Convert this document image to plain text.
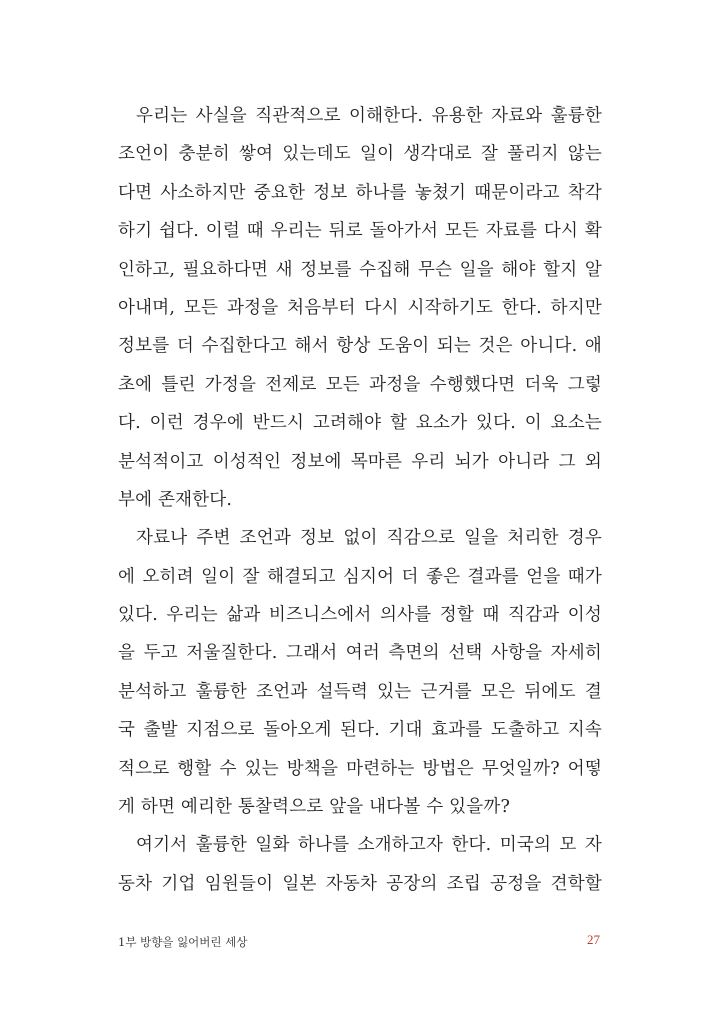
우리는 사실을 직관적으로 이해한다. 유용한 자료와 훌륭한
조언이 충분히 쌓여 있는데도 일이 생각대로 잘 풀리지 않는
다면 사소하지만 중요한 정보 하나를 놓쳤기 때문이라고 착각
하기 쉽다. 이럴 때 우리는 뒤로 돌아가서 모든 자료를 다시 확
인하고, 필요하다면 새 정보를 수집해 무슨 일을 해야 할지 알
아내며, 모든 과정을 처음부터 다시 시작하기도 한다. 하지만
정보를 더 수집한다고 해서 항상 도움이 되는 것은 아니다. 애
초에 틀린 가정을 전제로 모든 과정을 수행했다면 더욱 그렇
다. 이런 경우에 반드시 고려해야 할 요소가 있다. 이 요소는
분석적이고 이성적인 정보에 목마른 우리 뇌가 아니라 그 외
부에 존재한다.
자료나 주변 조언과 정보 없이 직감으로 일을 처리한 경우
에 오히려 일이 잘 해결되고 심지어 더 좋은 결과를 얻을 때가
있다. 우리는 삶과 비즈니스에서 의사를 정할 때 직감과 이성
을 두고 저울질한다. 그래서 여러 측면의 선택 사항을 자세히
분석하고 훌륭한 조언과 설득력 있는 근거를 모은 뒤에도 결
국 출발 지점으로 돌아오게 된다. 기대 효과를 도출하고 지속
적으로 행할 수 있는 방책을 마련하는 방법은 무엇일까? 어떻
게 하면 예리한 통찰력으로 앞을 내다볼 수 있을까?
여기서 훌륭한 일화 하나를 소개하고자 한다. 미국의 모 자
동차 기업 임원들이 일본 자동차 공장의 조립 공정을 견학할
1부 방향을 잃어버린 세상	27
